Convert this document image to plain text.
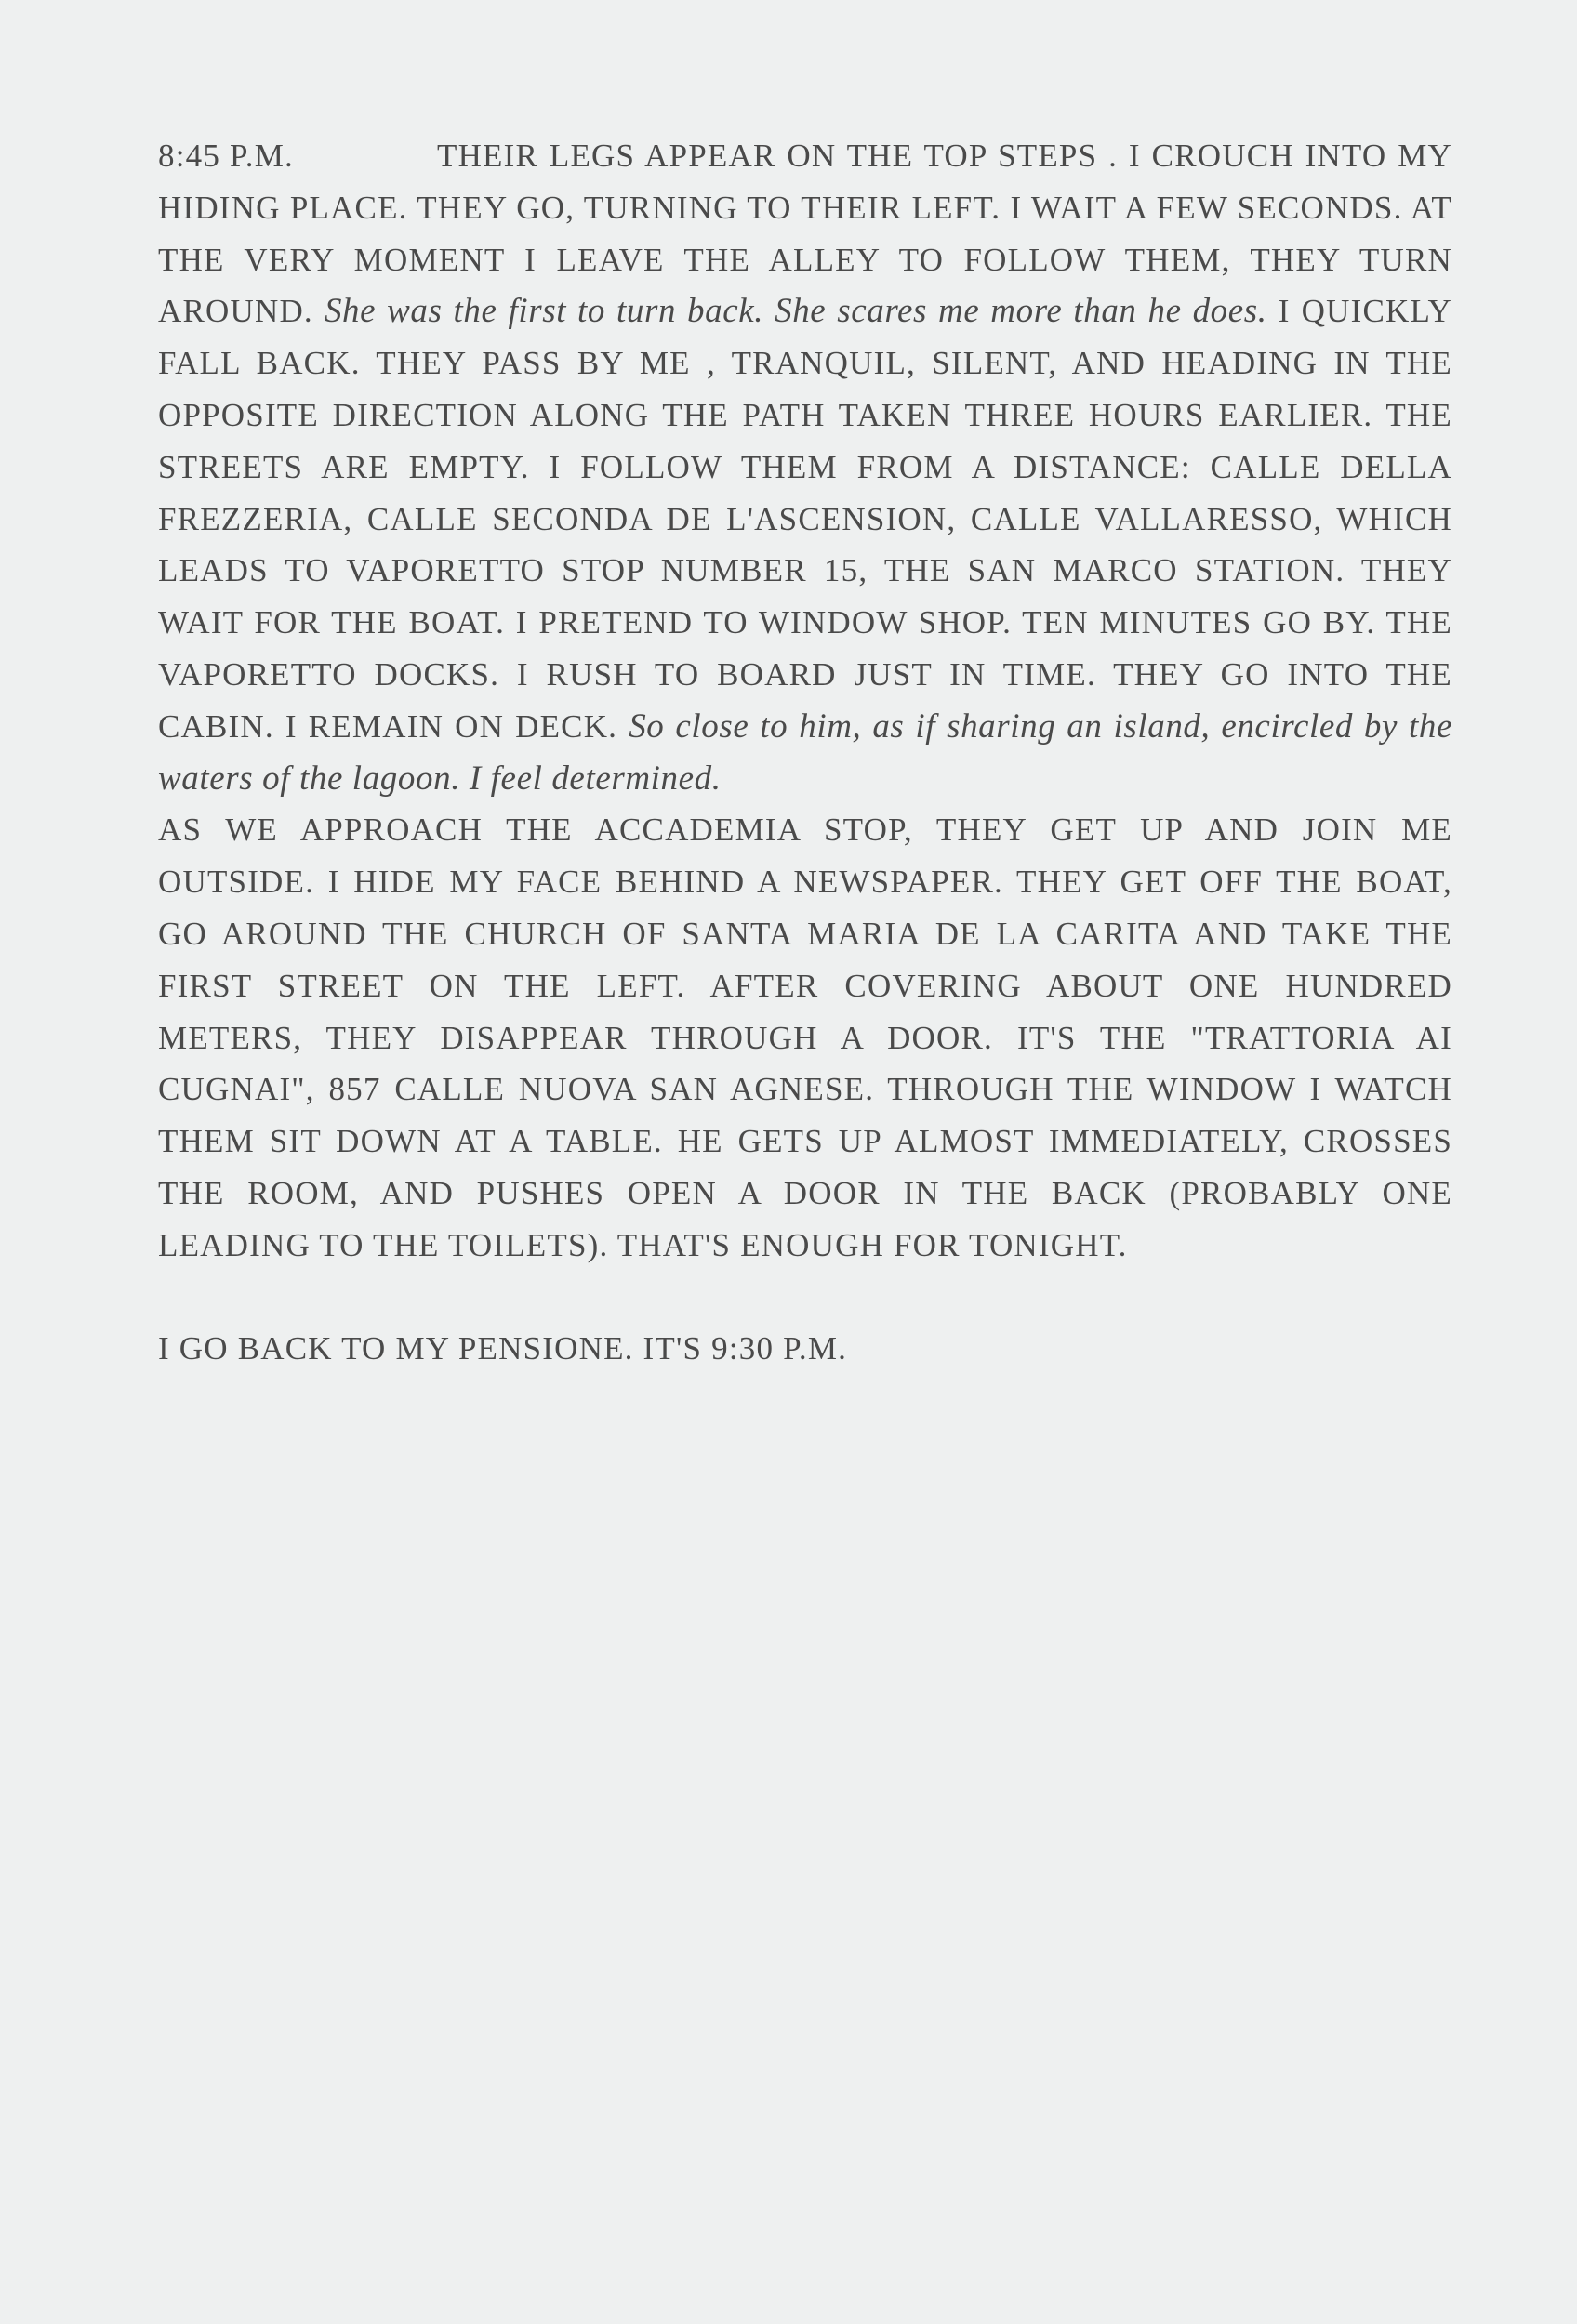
8:45 P.M.	THEIR LEGS APPEAR ON THE TOP STEPS . I CROUCH INTO MY HIDING PLACE. THEY GO, TURNING TO THEIR LEFT. I WAIT A FEW SECONDS. AT THE VERY MOMENT I LEAVE THE ALLEY TO FOLLOW THEM, THEY TURN AROUND. She was the first to turn back. She scares me more than he does. I QUICKLY FALL BACK. THEY PASS BY ME , TRANQUIL, SILENT, AND HEADING IN THE OPPOSITE DIRECTION ALONG THE PATH TAKEN THREE HOURS EARLIER. THE STREETS ARE EMPTY. I FOLLOW THEM FROM A DISTANCE: CALLE DELLA FREZZERIA, CALLE SECONDA DE L'ASCENSION, CALLE VALLARESSO, WHICH LEADS TO VAPORETTO STOP NUMBER 15, THE SAN MARCO STATION. THEY WAIT FOR THE BOAT. I PRETEND TO WINDOW SHOP. TEN MINUTES GO BY. THE VAPORETTO DOCKS. I RUSH TO BOARD JUST IN TIME. THEY GO INTO THE CABIN. I REMAIN ON DECK. So close to him, as if sharing an island, encircled by the waters of the lagoon. I feel determined.

AS WE APPROACH THE ACCADEMIA STOP, THEY GET UP AND JOIN ME OUTSIDE. I HIDE MY FACE BEHIND A NEWSPAPER. THEY GET OFF THE BOAT, GO AROUND THE CHURCH OF SANTA MARIA DE LA CARITA AND TAKE THE FIRST STREET ON THE LEFT. AFTER COVERING ABOUT ONE HUNDRED METERS, THEY DISAPPEAR THROUGH A DOOR. IT'S THE "TRATTORIA AI CUGNAI", 857 CALLE NUOVA SAN AGNESE. THROUGH THE WINDOW I WATCH THEM SIT DOWN AT A TABLE. HE GETS UP ALMOST IMMEDIATELY, CROSSES THE ROOM, AND PUSHES OPEN A DOOR IN THE BACK (PROBABLY ONE LEADING TO THE TOILETS). THAT'S ENOUGH FOR TONIGHT.

I GO BACK TO MY PENSIONE. IT'S 9:30 P.M.
